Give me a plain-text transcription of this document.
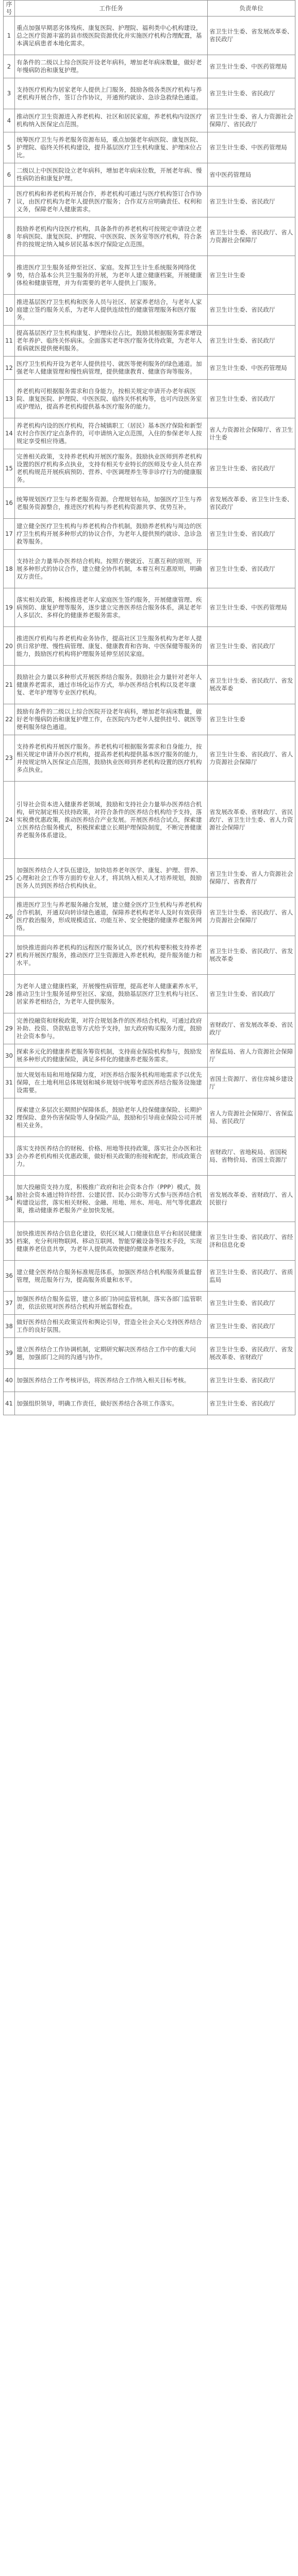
序号	工作任务	负责单位
1	重点加强早期恶劣体残疾、康复医院、护理院、福利类中心机构建设，总之医疗资源丰富的县市级医院资源优化并实施医疗机构合理配置，基本满足病患者本地化需求。	省卫生计生委、省发展改革委、省民政厅
2	有条件的二级以上综合医院开设老年病科，增加老年病床数量，做好老年慢病防治和康复护理。	省卫生计生委、中医药管理局
3	支持医疗机构为居家老年人提供上门服务，鼓励各级各类医疗机构与养老机构开展合作，签订合作协议，开通预约就诊、急诊急救绿色通道。	省卫生计生委、省民政厅
4	推动医疗卫生资源进入养老机构、社区和居民家庭，养老机构内设医疗机构纳入医保定点范围。	省卫生计生委、省人力资源社会保障厅、省民政厅
5	统筹医疗卫生与养老服务资源布局，重点加强老年病医院、康复医院、护理院、临终关怀机构建设，提升基层医疗卫生机构康复、护理床位占比。	省卫生计生委、中医药管理局
6	二级以上中医医院设立老年病科，增加老年病床位数，开展老年病、慢性病防治和康复护理。	省中医药管理局
7	医疗机构和养老机构开展合作，养老机构可通过与医疗机构签订合作协议，由医疗机构为老年人提供医疗服务；合作双方应明确责任、权利和义务，保障老年人健康需求。	省卫生计生委、省民政厅
8	鼓励养老机构内设医疗机构，具备条件的养老机构可按规定申请设立老年病医院、康复医院、护理院、中医医院、医务室等医疗机构，符合条件的按规定纳入城乡居民基本医疗保险定点范围。	省卫生计生委、省民政厅、省人力资源社会保障厅
9	推进医疗卫生服务延伸至社区、家庭。发挥卫生计生系统服务网络优势，结合基本公共卫生服务的开展，为老年人建立健康档案，开展健康体检和健康管理，并为有需要的老年人提供上门服务。	省卫生计生委
10	推进基层医疗卫生机构和医务人员与社区、居家养老结合，与老年人家庭建立签约服务关系，为老年人提供连续性的健康管理服务和医疗服务。	省卫生计生委、省民政厅
11	提高基层医疗卫生机构康复、护理床位占比，鼓励其根据服务需求增设老年养护、临终关怀病床。全面落实老年医疗服务优待政策，为老年人看病就医提供便利服务。	省卫生计生委、省民政厅
12	医疗卫生机构开设为老年人提供挂号、就医等便利服务的绿色通道。加强老年人健康管理和慢性病管理，提供健康教育、健康咨询等服务。	省卫生计生委、中医药管理局
13	养老机构可根据服务需求和自身能力，按相关规定申请开办老年病医院、康复医院、护理院、中医医院、临终关怀机构等，也可内设医务室或护理站，提高养老机构提供基本医疗服务的能力。	省卫生计生委、省民政厅
14	养老机构内设的医疗机构，符合城镇职工（居民）基本医疗保险和新型农村合作医疗定点条件的，可申请纳入定点范围，入住的参保老年人按规定享受相应待遇。	省人力资源社会保障厅、省卫生计生委
15	完善相关政策，支持养老机构开展医疗服务。鼓励执业医师到养老机构设置的医疗机构多点执业，支持有相关专业特长的医师及专业人员在养老机构规范开展疾病预防、营养、中医调理养生等非诊疗行为的健康服务。	省卫生计生委、省民政厅
16	统筹规划医疗卫生与养老服务资源。合理规划布局，加强医疗卫生与养老服务资源整合，推进医疗机构与养老机构资源共享、优势互补。	省发展改革委、省卫生计生委、省民政厅
17	建立健全医疗卫生机构与养老机构合作机制，鼓励养老机构与周边的医疗卫生机构开展多种形式的协议合作，为老年人提供预约就诊、急诊急救等服务。	省卫生计生委、省民政厅
18	支持社会力量举办医养结合机构。按照方便就近、互惠互利的原则，开展多种形式的协议合作，建立健全协作机制，本着互利互惠原则，明确双方责任。	省卫生计生委、省民政厅
19	落实相关政策，积极推进老年人家庭医生签约服务，开展健康管理、疾病预防、康复护理等服务，逐步建立完善医养结合服务体系，满足老年人多层次、多样化的健康养老服务需求。	省卫生计生委、中医药管理局
20	推进医疗机构与养老机构业务协作，提高社区卫生服务机构为老年人提供日常护理、慢性病管理、康复、健康教育和咨询、中医保健等服务的能力，鼓励医疗机构将护理服务延伸至居民家庭。	省卫生计生委、省民政厅
21	鼓励社会力量以多种形式开展医养结合服务。鼓励社会力量针对老年人健康养老需求，通过市场化运作方式，举办医养结合机构以及老年康复、老年护理等专业医疗机构。	省卫生计生委、省民政厅、省发展改革委
22	鼓励有条件的二级以上综合医院开设老年病科，增加老年病床数量，做好老年慢病防治和康复护理工作，在医院内为老年人提供挂号、就医等便利服务绿色通道。	省卫生计生委
23	支持养老机构开展医疗服务。养老机构可根据服务需求和自身能力，按相关规定申请开办医疗机构，提高养老机构提供基本医疗服务的能力，并按规定纳入医保定点范围，鼓励执业医师到养老机构设置的医疗机构多点执业。	省卫生计生委、省民政厅、省人力资源社会保障厅
24	引导社会资本进入健康养老领域，鼓励和支持社会力量举办医养结合机构，研究制定相关扶持政策，对符合条件的医养结合机构给予支持，落实税费优惠政策，推动医养结合产业发展。开展医养结合试点，探索建立医养结合服务模式，积极探索建立长期护理保险制度，不断完善健康养老服务体系建设。	省发展改革委、省财政厅、省民政厅、省卫生计生委、省人力资源社会保障厅
25	加强医养结合人才队伍建设，加快培养老年医学、康复、护理、营养、心理和社会工作等方面的专业人才，将其纳入相关人才培养规划，鼓励医务人员到医养结合机构执业。	省卫生计生委、省人力资源社会保障厅、省教育厅
26	推进医疗卫生与养老服务融合发展，建立健全医疗卫生机构与养老机构合作机制，开通双向转诊绿色通道，保障养老机构老年人及时有效获得医疗救治服务，形成规模适宜、功能互补、安全便捷的健康养老服务网络。	省卫生计生委、省民政厅、省人力资源社会保障厅
27	加快推进面向养老机构的远程医疗服务试点，医疗机构要积极支持养老机构开展医疗服务，推动医疗卫生资源进入养老机构，提升服务能力和水平。	省卫生计生委、省民政厅、省发展改革委
28	为老年人建立健康档案，开展慢性病管理，提高老年人健康素养水平，推动卫生计生服务延伸至社区、家庭，鼓励基层医疗卫生机构与社区、居家养老相结合，为老年人提供服务。	省卫生计生委、省民政厅
29	完善投融资和财税政策，对符合规划条件的医养结合机构，可通过政府补助、投资、贷款贴息等方式给予支持，加大政府购买服务力度，鼓励社会资本参与。	省财政厅、省发展改革委、省民政厅
30	探索多元化的健康养老服务筹资机制，支持商业保险机构参与，鼓励发展多种形式的健康保险，满足多样化的健康养老服务需求。	省保监局、省人力资源社会保障厅
31	加大规划布局和用地保障力度，对医养结合服务机构用地需求予以优先保障，在土地利用总体规划和城乡规划中统筹考虑医养结合服务设施建设需要。	省国土资源厅、省住房城乡建设厅
32	探索建立多层次长期照护保障体系，鼓励老年人投保健康保险、长期护理保险、意外伤害保险等人身保险产品，鼓励和引导商业保险公司开展相关业务。	省人力资源社会保障厅、省保监局、省民政厅
33	落实支持医养结合的财税、价格、用地等扶持政策，落实社会办医和社会办养老机构相关优惠政策，做好相关政策的衔接和配套，形成政策合力。	省财政厅、省地税局、省国税局、省物价局、省国土资源厅
34	加大投融资支持力度，积极推广政府和社会资本合作（PPP）模式，鼓励社会资本通过特许经营、公建民营、民办公助等方式参与医养结合机构建设运营，落实相关财税、金融、用地、用水、用电、用气等优惠政策，推动健康养老服务产业加快发展。	省发展改革委、省财政厅、省人民银行
35	加快推进医养结合信息化建设，依托区域人口健康信息平台和居民健康档案，充分利用物联网、移动互联网、智能穿戴设备等技术手段，实现健康养老信息共享，为老年人提供高效便捷的健康养老服务。	省卫生计生委、省民政厅、省经济和信息化委
36	建立健全医养结合服务标准规范体系，加强医养结合机构服务质量监督管理，规范服务行为，提高服务质量和水平。	省卫生计生委、省民政厅、省质监局
37	加强医养结合服务监管，建立多部门协同监管机制，落实各部门监管职责，依法依规对医养结合机构开展监督检查。	省卫生计生委、省民政厅
38	做好医养结合相关政策宣传和舆论引导，营造全社会关心支持医养结合工作的良好氛围。	省卫生计生委、省民政厅
39	建立医养结合工作协调机制，定期研究解决医养结合工作中的重大问题，加强部门之间的沟通与协作。	省卫生计生委、省民政厅、省发展改革委、省财政厅
40	加强医养结合工作考核评估，将医养结合工作纳入相关目标考核。	省卫生计生委、省民政厅
41	加强组织领导，明确工作责任，做好医养结合各项工作落实。	省卫生计生委、省民政厅
